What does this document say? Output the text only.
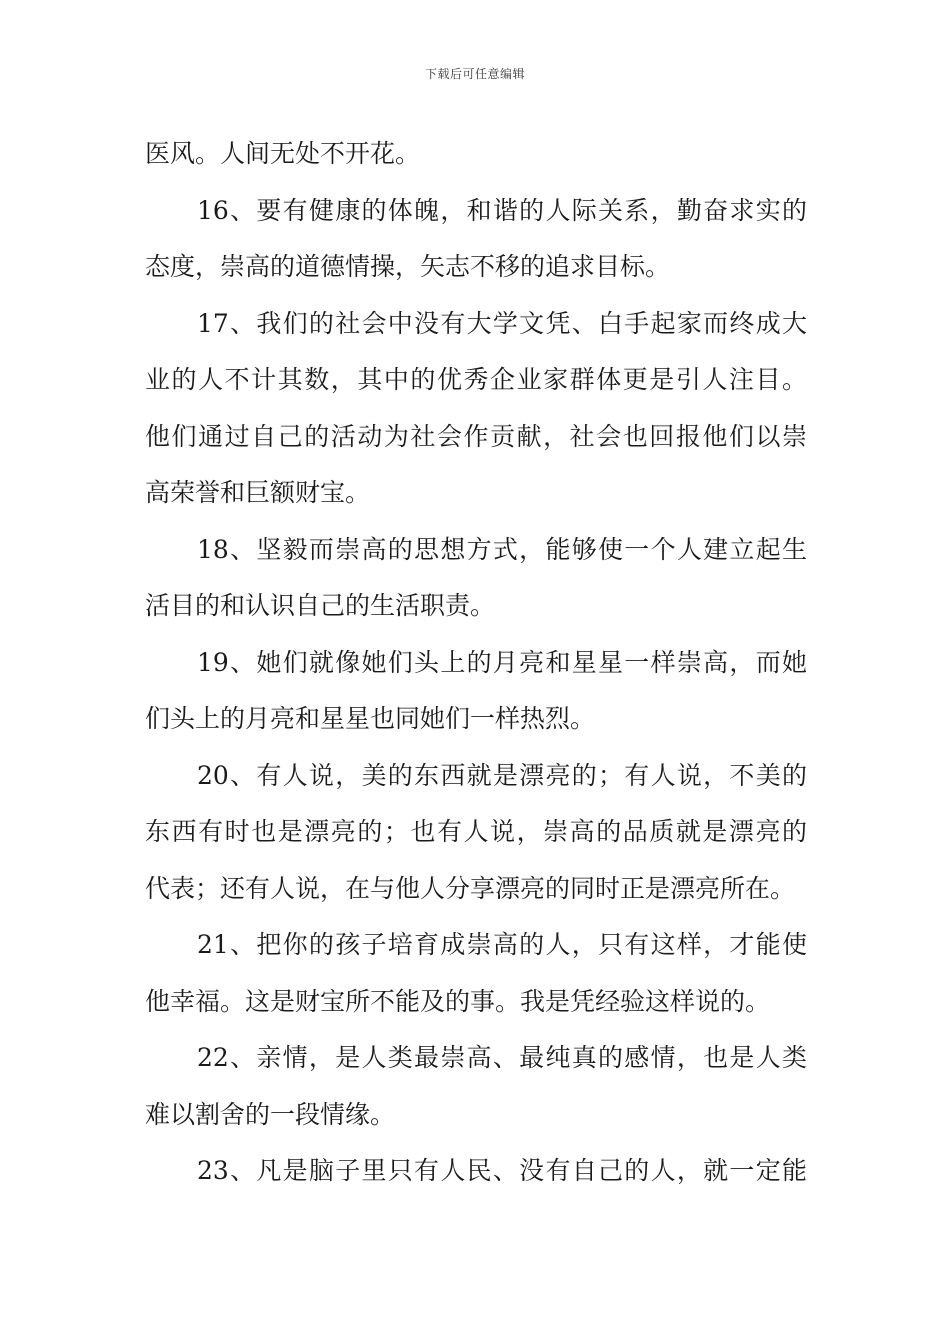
下载后可任意编辑
医风。人间无处不开花。
16、要有健康的体魄，和谐的人际关系，勤奋求实的
态度，崇高的道德情操，矢志不移的追求目标。
17、我们的社会中没有大学文凭、白手起家而终成大
业的人不计其数，其中的优秀企业家群体更是引人注目。
他们通过自己的活动为社会作贡献，社会也回报他们以崇
高荣誉和巨额财宝。
18、坚毅而崇高的思想方式，能够使一个人建立起生
活目的和认识自己的生活职责。
19、她们就像她们头上的月亮和星星一样崇高，而她
们头上的月亮和星星也同她们一样热烈。
20、有人说，美的东西就是漂亮的；有人说，不美的
东西有时也是漂亮的；也有人说，崇高的品质就是漂亮的
代表；还有人说，在与他人分享漂亮的同时正是漂亮所在。
21、把你的孩子培育成崇高的人，只有这样，才能使
他幸福。这是财宝所不能及的事。我是凭经验这样说的。
22、亲情，是人类最崇高、最纯真的感情，也是人类
难以割舍的一段情缘。
23、凡是脑子里只有人民、没有自己的人，就一定能
